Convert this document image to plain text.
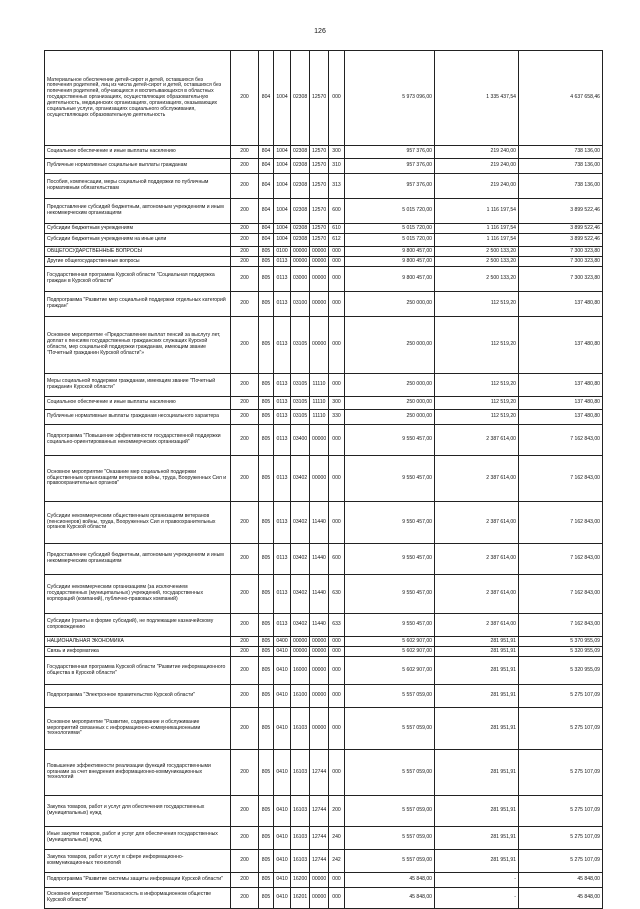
126
Материальное обеспечение детей-сирот и детей, оставшихся без попечения родителей, лиц из числа детей-сирот и детей, оставшихся без попечения родителей, обучающихся и воспитывающихся в областных государственных организациях, осуществляющих образовательную деятельность, медицинских организациях, организациях, оказывающих социальные услуги, организациях социального обслуживания, осуществляющих образовательную деятельность	200	804	1004	02308	12570	000	5 973 096,00	1 335 437,54	4 637 658,46
Социальное обеспечение и иные выплаты населению	200	804	1004	02308	12570	300	957 376,00	219 240,00	738 136,00
Публичные нормативные социальные выплаты гражданам	200	804	1004	02308	12570	310	957 376,00	219 240,00	738 136,00
Пособия, компенсации, меры социальной поддержки по публичным нормативным обязательствам	200	804	1004	02308	12570	313	957 376,00	219 240,00	738 136,00
Предоставление субсидий бюджетным, автономным учреждениям и иным некоммерческим организациям	200	804	1004	02308	12570	600	5 015 720,00	1 116 197,54	3 899 522,46
Субсидии бюджетным учреждениям	200	804	1004	02308	12570	610	5 015 720,00	1 116 197,54	3 899 522,46
Субсидии бюджетным учреждениям на иные цели	200	804	1004	02308	12570	612	5 015 720,00	1 116 197,54	3 899 522,46
ОБЩЕГОСУДАРСТВЕННЫЕ ВОПРОСЫ	200	805	0100	00000	00000	000	9 800 457,00	2 500 133,20	7 300 323,80
Другие общегосударственные вопросы	200	805	0113	00000	00000	000	9 800 457,00	2 500 133,20	7 300 323,80
Государственная программа Курской области "Социальная поддержка граждан в Курской области"	200	805	0113	03000	00000	000	9 800 457,00	2 500 133,20	7 300 323,80
Подпрограмма "Развитие мер социальной поддержки отдельных категорий граждан"	200	805	0113	03100	00000	000	250 000,00	112 519,20	137 480,80
Основное мероприятие «Предоставление выплат пенсий за выслугу лет, доплат к пенсиям государственных гражданских служащих Курской области, мер социальной поддержки гражданам, имеющим звание "Почетный гражданин Курской области"»	200	805	0113	03105	00000	000	250 000,00	112 519,20	137 480,80
Меры социальной поддержки гражданам, имеющим звание "Почетный гражданин Курской области"	200	805	0113	03105	11110	000	250 000,00	112 519,20	137 480,80
Социальное обеспечение и иные выплаты населению	200	805	0113	03105	11110	300	250 000,00	112 519,20	137 480,80
Публичные нормативные выплаты гражданам несоциального характера	200	805	0113	03105	11110	330	250 000,00	112 519,20	137 480,80
Подпрограмма "Повышение эффективности государственной поддержки социально-ориентированных некоммерческих организаций"	200	805	0113	03400	00000	000	9 550 457,00	2 387 614,00	7 162 843,00
Основное мероприятие "Оказание мер социальной поддержки общественным организациям ветеранов войны, труда, Вооруженных Сил и правоохранительных органов"	200	805	0113	03402	00000	000	9 550 457,00	2 387 614,00	7 162 843,00
Субсидии некоммерческим общественным организациям ветеранов (пенсионеров) войны, труда, Вооруженных Сил и правоохранительных органов Курской области	200	805	0113	03402	11440	000	9 550 457,00	2 387 614,00	7 162 843,00
Предоставление субсидий бюджетным, автономным учреждениям и иным некоммерческим организациям	200	805	0113	03402	11440	600	9 550 457,00	2 387 614,00	7 162 843,00
Субсидии некоммерческим организациям (за исключением государственных (муниципальных) учреждений, государственных корпораций (компаний), публично-правовых компаний)	200	805	0113	03402	11440	630	9 550 457,00	2 387 614,00	7 162 843,00
Субсидии (гранты в форме субсидий), не подлежащие казначейскому сопровождению	200	805	0113	03402	11440	633	9 550 457,00	2 387 614,00	7 162 843,00
НАЦИОНАЛЬНАЯ ЭКОНОМИКА	200	805	0400	00000	00000	000	5 602 907,00	281 951,91	5 370 955,09
Связь и информатика	200	805	0410	00000	00000	000	5 602 907,00	281 951,91	5 320 955,09
Государственная программа Курской области "Развитие информационного общества в Курской области"	200	805	0410	16000	00000	000	5 602 907,00	281 951,91	5 320 955,09
Подпрограмма "Электронное правительство Курской области"	200	805	0410	16100	00000	000	5 557 059,00	281 951,91	5 275 107,09
Основное мероприятие "Развитие, содержание и обслуживание мероприятий связанных с информационно-коммуникационными технологиями"	200	805	0410	16103	00000	000	5 557 059,00	281 951,91	5 275 107,09
Повышение эффективности реализации функций государственными органами за счет внедрения информационно-коммуникационных технологий	200	805	0410	16103	12744	000	5 557 059,00	281 951,91	5 275 107,09
Закупка товаров, работ и услуг для обеспечения государственных (муниципальных) нужд	200	805	0410	16103	12744	200	5 557 059,00	281 951,91	5 275 107,09
Иные закупки товаров, работ и услуг для обеспечения государственных (муниципальных) нужд	200	805	0410	16103	12744	240	5 557 059,00	281 951,91	5 275 107,09
Закупка товаров, работ и услуг в сфере информационно-коммуникационных технологий	200	805	0410	16103	12744	242	5 557 059,00	281 951,91	5 275 107,09
Подпрограмма "Развитие системы защиты информации Курской области"	200	805	0410	16200	00000	000	45 848,00	-	45 848,00
Основное мероприятие "Безопасность в информационном обществе Курской области"	200	805	0410	16201	00000	000	45 848,00	-	45 848,00
